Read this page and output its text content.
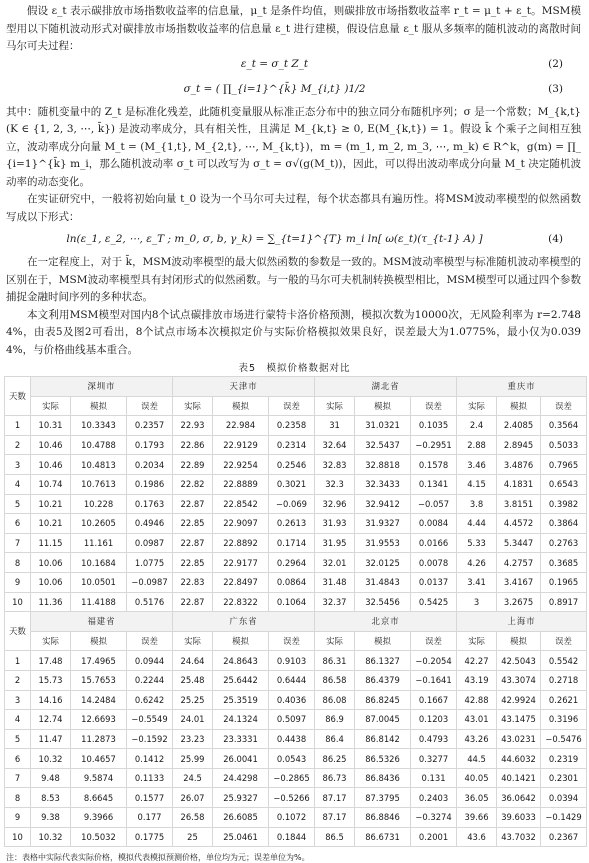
假设 ε_t 表示碳排放市场指数收益率的信息量，μ_t 是条件均值，则碳排放市场指数收益率 r_t = μ_t + ε_t。MSM模型用以下随机波动形式对碳排放市场指数收益率的信息量 ε_t 进行建模，假设信息量 ε_t 服从多频率的随机波动的离散时间马尔可夫过程：

ε_t = σ_t Z_t	(2)
σ_t = ( ∏_{i=1}^{k̄} M_{i,t} )1/2	(3)

其中：随机变量中的 Z_t 是标准化残差，此随机变量服从标准正态分布中的独立同分布随机序列；σ 是一个常数；M_{k,t}(K ∈ {1, 2, 3, ⋯, k̄}) 是波动率成分，具有相关性，且满足 M_{k,t} ≥ 0, E(M_{k,t}) = 1。假设 k̄ 个乘子之间相互独立，波动率成分向量 M_t = (M_{1,t}, M_{2,t}, ⋯, M_{k,t})，m = (m_1, m_2, m_3, ⋯, m_k) ∈ R^k，g(m) = ∏_{i=1}^{k̄} m_i，那么随机波动率 σ_t 可以改写为 σ_t = σ√(g(M_t))，因此，可以得出波动率成分向量 M_t 决定随机波动率的动态变化。

在实证研究中，一般将初始向量 t_0 设为一个马尔可夫过程，每个状态都具有遍历性。将MSM波动率模型的似然函数写成以下形式：

ln(ε_1, ε_2, ⋯, ε_T ; m_0, σ, b, γ_k) = ∑_{t=1}^{T} m_i ln[ ω(ε_t)(τ_{t-1} A) ]	(4)

在一定程度上，对于 k̄，MSM波动率模型的最大似然函数的参数是一致的。MSM波动率模型与标准随机波动率模型的区别在于，MSM波动率模型具有封闭形式的似然函数。与一般的马尔可夫机制转换模型相比，MSM模型可以通过四个参数捕捉金融时间序列的多种状态。

本文利用MSM模型对国内8个试点碳排放市场进行蒙特卡洛价格预测，模拟次数为10000次，无风险利率为 r=2.7484%，由表5及图2可看出，8个试点市场本次模拟定价与实际价格模拟效果良好，误差最大为1.0775%，最小仅为0.0394%，与价格曲线基本重合。

表5　模拟价格数据对比
天数	深圳市			天津市			湖北省			重庆市		
	实际	模拟	误差	实际	模拟	误差	实际	模拟	误差	实际	模拟	误差
1	10.31	10.3343	0.2357	22.93	22.984	0.2358	31	31.0321	0.1035	2.4	2.4085	0.3564
2	10.46	10.4788	0.1793	22.86	22.9129	0.2314	32.64	32.5437	−0.2951	2.88	2.8945	0.5033
3	10.46	10.4813	0.2034	22.89	22.9254	0.2546	32.83	32.8818	0.1578	3.46	3.4876	0.7965
4	10.74	10.7613	0.1986	22.82	22.8889	0.3021	32.3	32.3433	0.1341	4.15	4.1831	0.6543
5	10.21	10.228	0.1763	22.87	22.8542	−0.069	32.96	32.9412	−0.057	3.8	3.8151	0.3982
6	10.21	10.2605	0.4946	22.85	22.9097	0.2613	31.93	31.9327	0.0084	4.44	4.4572	0.3864
7	11.15	11.161	0.0987	22.87	22.8892	0.1714	31.95	31.9553	0.0166	5.33	5.3447	0.2763
8	10.06	10.1684	1.0775	22.85	22.9177	0.2964	32.01	32.0125	0.0078	4.26	4.2757	0.3685
9	10.06	10.0501	−0.0987	22.83	22.8497	0.0864	31.48	31.4843	0.0137	3.41	3.4167	0.1965
10	11.36	11.4188	0.5176	22.87	22.8322	0.1064	32.37	32.5456	0.5425	3	3.2675	0.8917
天数	福建省			广东省			北京市			上海市		
	实际	模拟	误差	实际	模拟	误差	实际	模拟	误差	实际	模拟	误差
1	17.48	17.4965	0.0944	24.64	24.8643	0.9103	86.31	86.1327	−0.2054	42.27	42.5043	0.5542
2	15.73	15.7653	0.2244	25.48	25.6442	0.6444	86.58	86.4379	−0.1641	43.19	43.3074	0.2718
3	14.16	14.2484	0.6242	25.25	25.3519	0.4036	86.08	86.8245	0.1667	42.88	42.9924	0.2621
4	12.74	12.6693	−0.5549	24.01	24.1324	0.5097	86.9	87.0045	0.1203	43.01	43.1475	0.3196
5	11.47	11.2873	−0.1592	23.23	23.3331	0.4438	86.4	86.8142	0.4793	43.26	43.0231	−0.5476
6	10.32	10.4657	0.1412	25.99	26.0041	0.0543	86.25	86.5326	0.3277	44.5	44.6032	0.2319
7	9.48	9.5874	0.1133	24.5	24.4298	−0.2865	86.73	86.8436	0.131	40.05	40.1421	0.2301
8	8.53	8.6645	0.1577	26.07	25.9327	−0.5266	87.17	87.3795	0.2403	36.05	36.0642	0.0394
9	9.38	9.3966	0.177	26.58	26.6085	0.1072	87.17	86.8846	−0.3274	39.66	39.6033	−0.1429
10	10.32	10.5032	0.1775	25	25.0461	0.1844	86.5	86.6731	0.2001	43.6	43.7032	0.2367
注：表格中实际代表实际价格，模拟代表模拟预测价格，单位均为元；误差单位为%。
